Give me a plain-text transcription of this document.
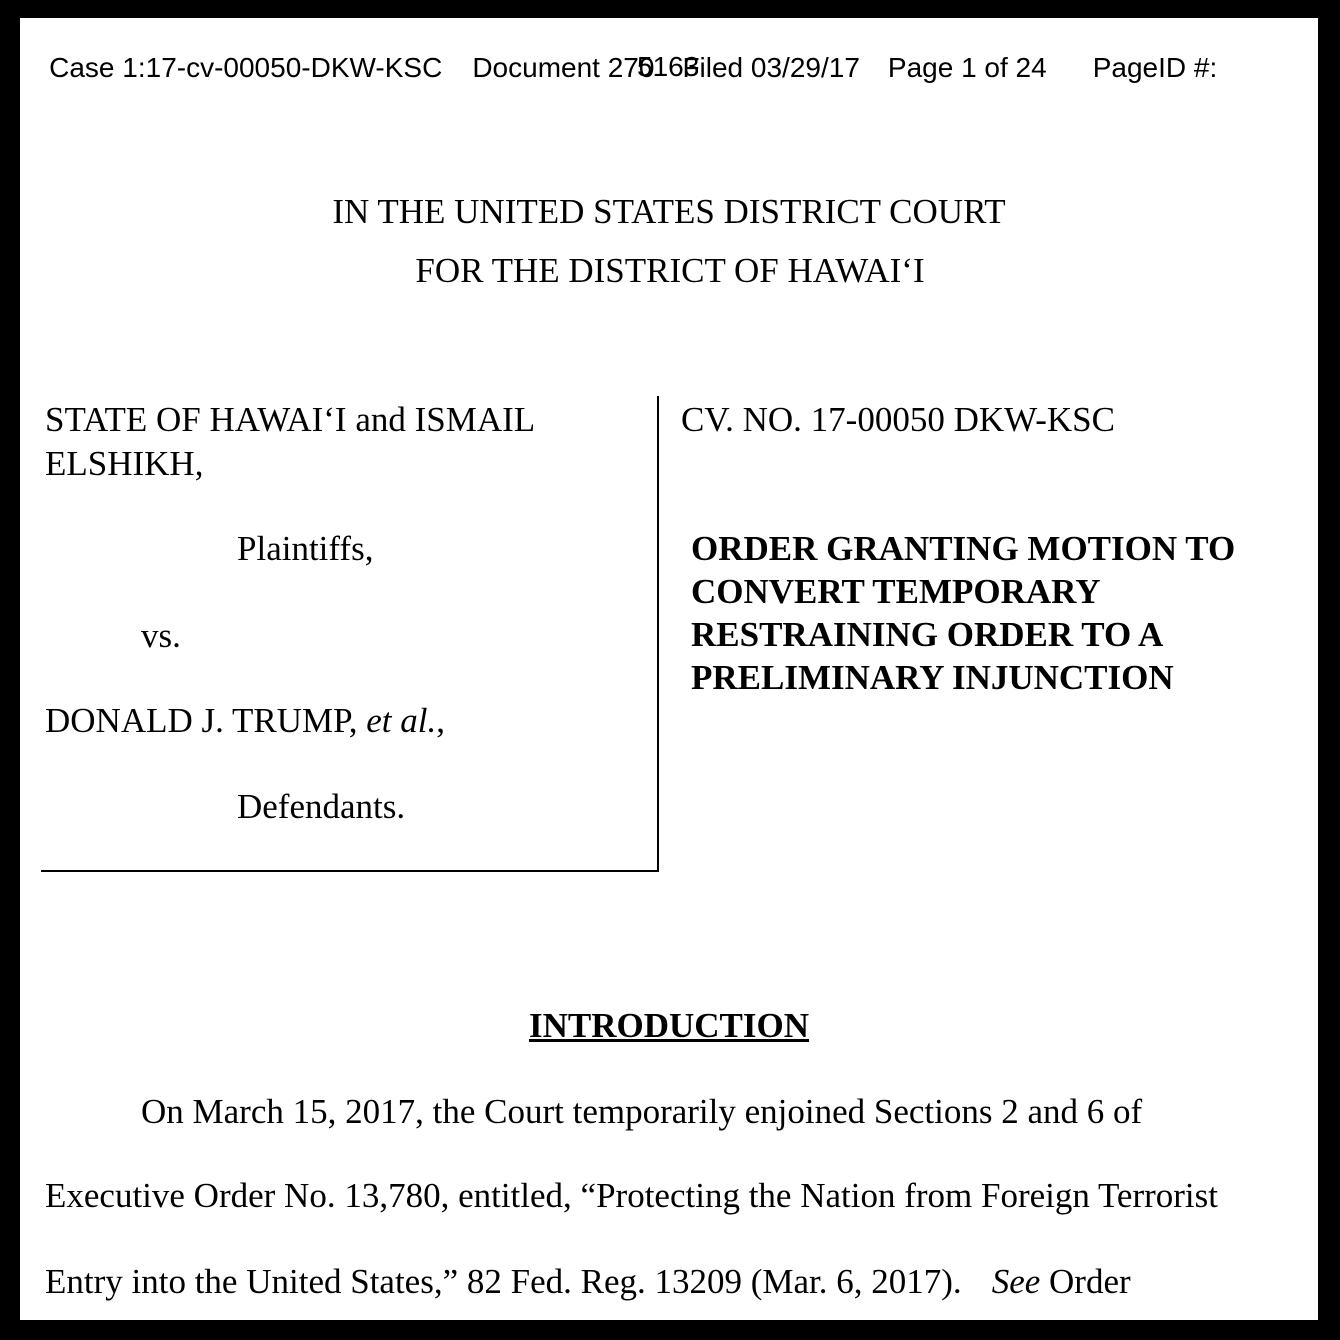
Case 1:17-cv-00050-DKW-KSC Document 270 Filed 03/29/17 Page 1 of 24 PageID #:

5163
IN THE UNITED STATES DISTRICT COURT
FOR THE DISTRICT OF HAWAI‘I
STATE OF HAWAI‘I and ISMAIL ELSHIKH,
Plaintiffs,
vs.
DONALD J. TRUMP, et al.,
Defendants.
CV. NO. 17-00050 DKW-KSC
ORDER GRANTING MOTION TO CONVERT TEMPORARY RESTRAINING ORDER TO A PRELIMINARY INJUNCTION
INTRODUCTION
On March 15, 2017, the Court temporarily enjoined Sections 2 and 6 of
Executive Order No. 13,780, entitled, “Protecting the Nation from Foreign Terrorist
Entry into the United States,” 82 Fed. Reg. 13209 (Mar. 6, 2017). See Order
